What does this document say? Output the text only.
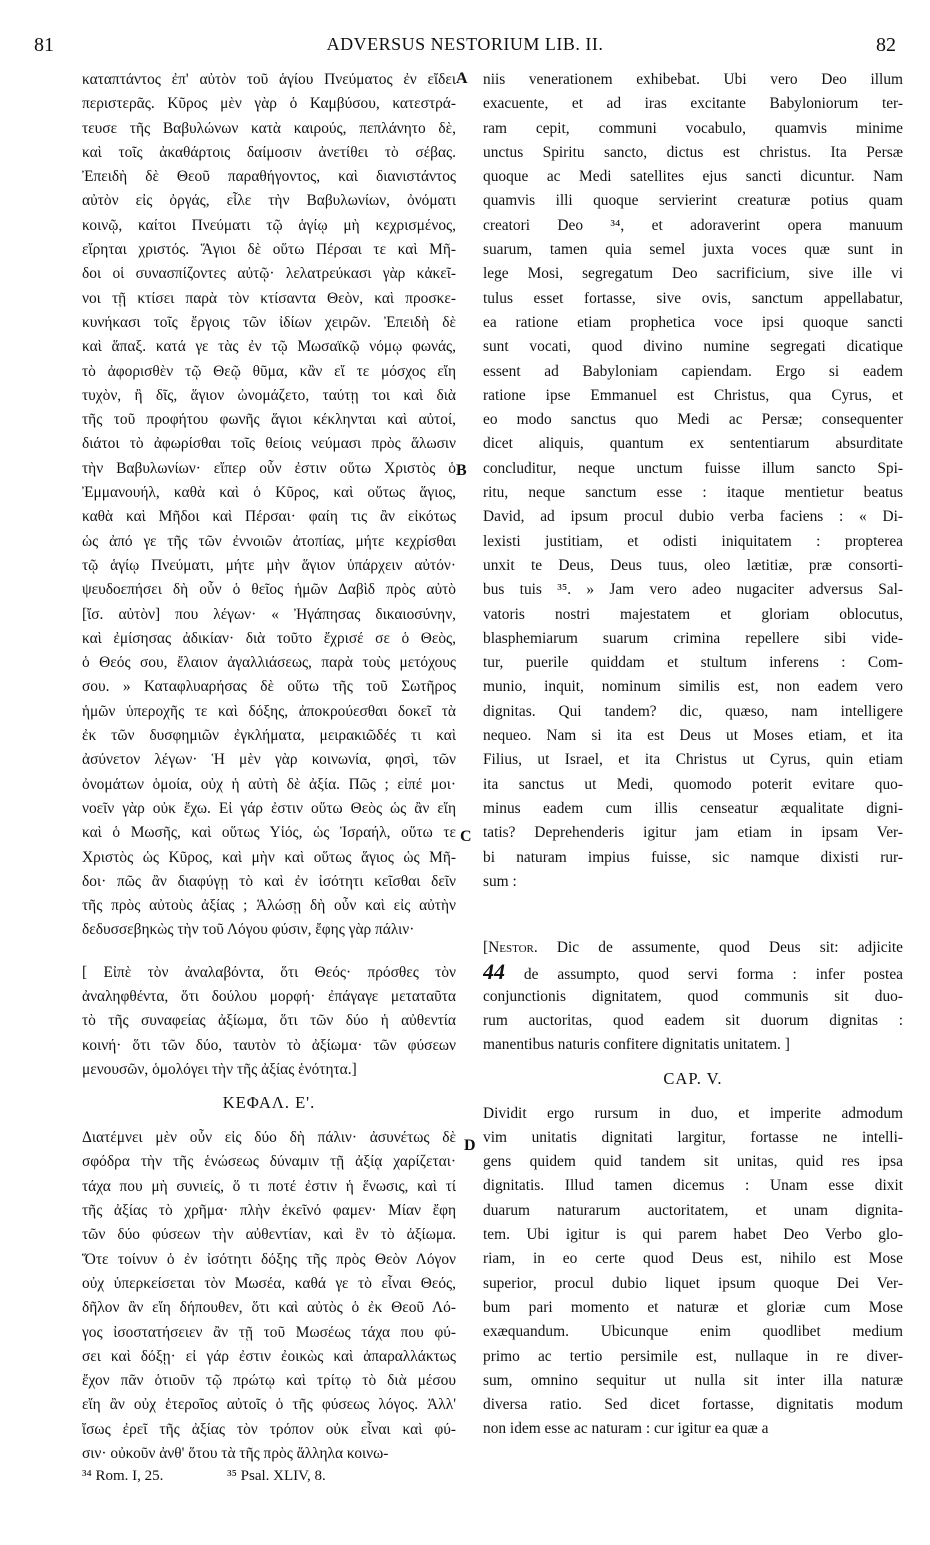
81	ADVERSUS NESTORIUM LIB. II.	82
καταπτάντος ἐπ' αὐτὸν τοῦ ἁγίου Πνεύματος ἐν εἴδει
περιστερᾶς. Κῦρος μὲν γὰρ ὁ Καμβύσου, κατεστρά-
τευσε τῆς Βαβυλώνων κατὰ καιρούς, πεπλάνητο δὲ,
καὶ τοῖς ἀκαθάρτοις δαίμοσιν ἀνετίθει τὸ σέβας.
Ἐπειδὴ δὲ Θεοῦ παραθήγοντος, καὶ διανιστάντος
αὐτὸν εἰς ὀργάς, εἷλε τὴν Βαβυλωνίων, ὀνόματι
κοινῷ, καίτοι Πνεύματι τῷ ἁγίῳ μὴ κεχρισμένος,
εἴρηται χριστός. Ἅγιοι δὲ οὕτω Πέρσαι τε καὶ Μῆ-
δοι οἱ συνασπίζοντες αὐτῷ· λελατρεύκασι γὰρ κἀκεῖ-
νοι τῇ κτίσει παρὰ τὸν κτίσαντα Θεὸν, καὶ προσκε-
κυνήκασι τοῖς ἔργοις τῶν ἰδίων χειρῶν. Ἐπειδὴ δὲ
καὶ ἅπαξ. κατά γε τὰς ἐν τῷ Μωσαϊκῷ νόμῳ φωνάς,
τὸ ἀφορισθὲν τῷ Θεῷ θῦμα, κἂν εἴ τε μόσχος εἴη
τυχὸν, ἢ δῖς, ἅγιον ὠνομάζετο, ταύτῃ τοι καὶ διὰ
τῆς τοῦ προφήτου φωνῆς ἅγιοι κέκληνται καὶ αὐτοί,
διάτοι τὸ ἀφωρίσθαι τοῖς θείοις νεύμασι πρὸς ἅλωσιν
τὴν Βαβυλωνίων· εἴπερ οὖν ἐστιν οὕτω Χριστὸς ὁ
Ἐμμανουήλ, καθὰ καὶ ὁ Κῦρος, καὶ οὕτως ἅγιος,
καθὰ καὶ Μῆδοι καὶ Πέρσαι· φαίη τις ἂν εἰκότως
ὡς ἀπό γε τῆς τῶν ἐννοιῶν ἀτοπίας, μήτε κεχρίσθαι
τῷ ἁγίῳ Πνεύματι, μήτε μὴν ἅγιον ὑπάρχειν αὐτόν·
ψευδοεπήσει δὴ οὖν ὁ θεῖος ἡμῶν Δαβὶδ πρὸς αὐτὸ
[ἴσ. αὐτὸν] που λέγων· « Ἠγάπησας δικαιοσύνην,
καὶ ἐμίσησας ἀδικίαν· διὰ τοῦτο ἔχρισέ σε ὁ Θεὸς,
ὁ Θεός σου, ἔλαιον ἀγαλλιάσεως, παρὰ τοὺς μετόχους
σου. » Καταφλυαρήσας δὲ οὕτω τῆς τοῦ Σωτῆρος
ἡμῶν ὑπεροχῆς τε καὶ δόξης, ἀποκρούεσθαι δοκεῖ τὰ
ἐκ τῶν δυσφημιῶν ἐγκλήματα, μειρακιῶδές τι καὶ
ἀσύνετον λέγων· Ἡ μὲν γὰρ κοινωνία, φησὶ, τῶν
ὀνομάτων ὁμοία, οὐχ ἡ αὐτὴ δὲ ἀξία. Πῶς ; εἰπέ μοι·
νοεῖν γὰρ οὐκ ἔχω. Εἰ γάρ ἐστιν οὕτω Θεὸς ὡς ἂν εἴη
καὶ ὁ Μωσῆς, καὶ οὕτως Υἱός, ὡς Ἰσραήλ, οὕτω τε
Χριστὸς ὡς Κῦρος, καὶ μὴν καὶ οὕτως ἅγιος ὡς Μῆ-
δοι· πῶς ἂν διαφύγῃ τὸ καὶ ἐν ἰσότητι κεῖσθαι δεῖν
τῆς πρὸς αὐτοὺς ἀξίας ; Ἁλώσῃ δὴ οὖν καὶ εἰς αὐτὴν
δεδυσσεβηκὼς τὴν τοῦ Λόγου φύσιν, ἔφης γὰρ πάλιν·
[ Εἰπὲ τὸν ἀναλαβόντα, ὅτι Θεός· πρόσθες τὸν
ἀναληφθέντα, ὅτι δούλου μορφή· ἐπάγαγε μεταταῦτα
τὸ τῆς συναφείας ἀξίωμα, ὅτι τῶν δύο ἡ αὐθεντία
κοινή· ὅτι τῶν δύο, ταυτὸν τὸ ἀξίωμα· τῶν φύσεων
μενουσῶν, ὁμολόγει τὴν τῆς ἀξίας ἑνότητα.]
ΚΕΦΑΛ. Ε'.
Διατέμνει μὲν οὖν εἰς δύο δὴ πάλιν· ἀσυνέτως δὲ
σφόδρα τὴν τῆς ἑνώσεως δύναμιν τῇ ἀξίᾳ χαρίζεται·
τάχα που μὴ συνιείς, ὅ τι ποτέ ἐστιν ἡ ἕνωσις, καὶ τί
τῆς ἀξίας τὸ χρῆμα· πλὴν ἐκεῖνό φαμεν· Μίαν ἔφη
τῶν δύο φύσεων τὴν αὐθεντίαν, καὶ ἓν τὸ ἀξίωμα.
Ὅτε τοίνυν ὁ ἐν ἰσότητι δόξης τῆς πρὸς Θεὸν Λόγον
οὐχ ὑπερκείσεται τὸν Μωσέα, καθά γε τὸ εἶναι Θεός,
δῆλον ἂν εἴη δήπουθεν, ὅτι καὶ αὐτὸς ὁ ἐκ Θεοῦ Λό-
γος ἰσοστατήσειεν ἂν τῇ τοῦ Μωσέως τάχα που φύ-
σει καὶ δόξῃ· εἰ γάρ ἐστιν ἐοικὼς καὶ ἀπαραλλάκτως
ἔχον πᾶν ὁτιοῦν τῷ πρώτῳ καὶ τρίτῳ τὸ διὰ μέσου
εἴη ἂν οὐχ ἑτεροῖος αὐτοῖς ὁ τῆς φύσεως λόγος. Ἀλλ'
ἴσως ἐρεῖ τῆς ἀξίας τὸν τρόπον οὐκ εἶναι καὶ φύ-
σιν· οὐκοῦν ἀνθ' ὅτου τὰ τῆς πρὸς ἄλληλα κοινω-
A
B
C
D
niis venerationem exhibebat. Ubi vero Deo illum
exacuente, et ad iras excitante Babyloniorum ter-
ram cepit, communi vocabulo, quamvis minime
unctus Spiritu sancto, dictus est christus. Ita Persæ
quoque ac Medi satellites ejus sancti dicuntur. Nam
quamvis illi quoque servierint creaturæ potius quam
creatori Deo ³⁴, et adoraverint opera manuum
suarum, tamen quia semel juxta voces quæ sunt in
lege Mosi, segregatum Deo sacrificium, sive ille vi
tulus esset fortasse, sive ovis, sanctum appellabatur,
ea ratione etiam prophetica voce ipsi quoque sancti
sunt vocati, quod divino numine segregati dicatique
essent ad Babyloniam capiendam. Ergo si eadem
ratione ipse Emmanuel est Christus, qua Cyrus, et
eo modo sanctus quo Medi ac Persæ; consequenter
dicet aliquis, quantum ex sententiarum absurditate
concluditur, neque unctum fuisse illum sancto Spi-
ritu, neque sanctum esse : itaque mentietur beatus
David, ad ipsum procul dubio verba faciens : « Di-
lexisti justitiam, et odisti iniquitatem : propterea
unxit te Deus, Deus tuus, oleo lætitiæ, præ consorti-
bus tuis ³⁵. » Jam vero adeo nugaciter adversus Sal-
vatoris nostri majestatem et gloriam oblocutus,
blasphemiarum suarum crimina repellere sibi vide-
tur, puerile quiddam et stultum inferens : Com-
munio, inquit, nominum similis est, non eadem vero
dignitas. Qui tandem? dic, quæso, nam intelligere
nequeo. Nam si ita est Deus ut Moses etiam, et ita
Filius, ut Israel, et ita Christus ut Cyrus, quin etiam
ita sanctus ut Medi, quomodo poterit evitare quo-
minus eadem cum illis censeatur æqualitate digni-
tatis? Deprehenderis igitur jam etiam in ipsam Ver-
bi naturam impius fuisse, sic namque dixisti rur-
sum :
[Nestor. Dic de assumente, quod Deus sit: adjicite
44 de assumpto, quod servi forma : infer postea
conjunctionis dignitatem, quod communis sit duo-
rum auctoritas, quod eadem sit duorum dignitas :
manentibus naturis confitere dignitatis unitatem. ]
CAP. V.
Dividit ergo rursum in duo, et imperite admodum
vim unitatis dignitati largitur, fortasse ne intelli-
gens quidem quid tandem sit unitas, quid res ipsa
dignitatis. Illud tamen dicemus : Unam esse dixit
duarum naturarum auctoritatem, et unam dignita-
tem. Ubi igitur is qui parem habet Deo Verbo glo-
riam, in eo certe quod Deus est, nihilo est Mose
superior, procul dubio liquet ipsum quoque Dei Ver-
bum pari momento et naturæ et gloriæ cum Mose
exæquandum. Ubicunque enim quodlibet medium
primo ac tertio persimile est, nullaque in re diver-
sum, omnino sequitur ut nulla sit inter illa naturæ
diversa ratio. Sed dicet fortasse, dignitatis modum
non idem esse ac naturam : cur igitur ea quæ a
³⁴ Rom. I, 25.	³⁵ Psal. XLIV, 8.
